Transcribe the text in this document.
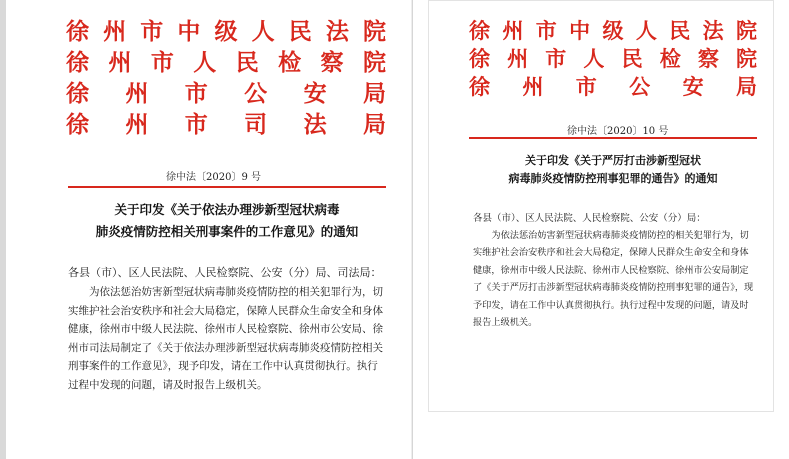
徐 州 市 中 级 人 民 法 院
徐 州 市 人 民 检 察 院
徐 州 市 公 安 局
徐 州 市 司 法 局
徐中法〔2020〕9 号
关于印发《关于依法办理涉新型冠状病毒
肺炎疫情防控相关刑事案件的工作意见》的通知
各县（市）、区人民法院、人民检察院、公安（分）局、司法局：

为依法惩治妨害新型冠状病毒肺炎疫情防控的相关犯罪行为，切实维护社会治安秩序和社会大局稳定，保障人民群众生命安全和身体健康，徐州市中级人民法院、徐州市人民检察院、徐州市公安局、徐州市司法局制定了《关于依法办理涉新型冠状病毒肺炎疫情防控相关刑事案件的工作意见》，现予印发，请在工作中认真贯彻执行。执行过程中发现的问题，请及时报告上级机关。

徐 州 市 中 级 人 民 法 院
徐 州 市 人 民 检 察 院
徐 州 市 公 安 局
徐中法〔2020〕10 号
关于印发《关于严厉打击涉新型冠状
病毒肺炎疫情防控刑事犯罪的通告》的通知
各县（市）、区人民法院、人民检察院、公安（分）局：

为依法惩治妨害新型冠状病毒肺炎疫情防控的相关犯罪行为，切实维护社会治安秩序和社会大局稳定，保障人民群众生命安全和身体健康，徐州市中级人民法院、徐州市人民检察院、徐州市公安局制定了《关于严厉打击涉新型冠状病毒肺炎疫情防控刑事犯罪的通告》，现予印发，请在工作中认真贯彻执行。执行过程中发现的问题，请及时报告上级机关。
